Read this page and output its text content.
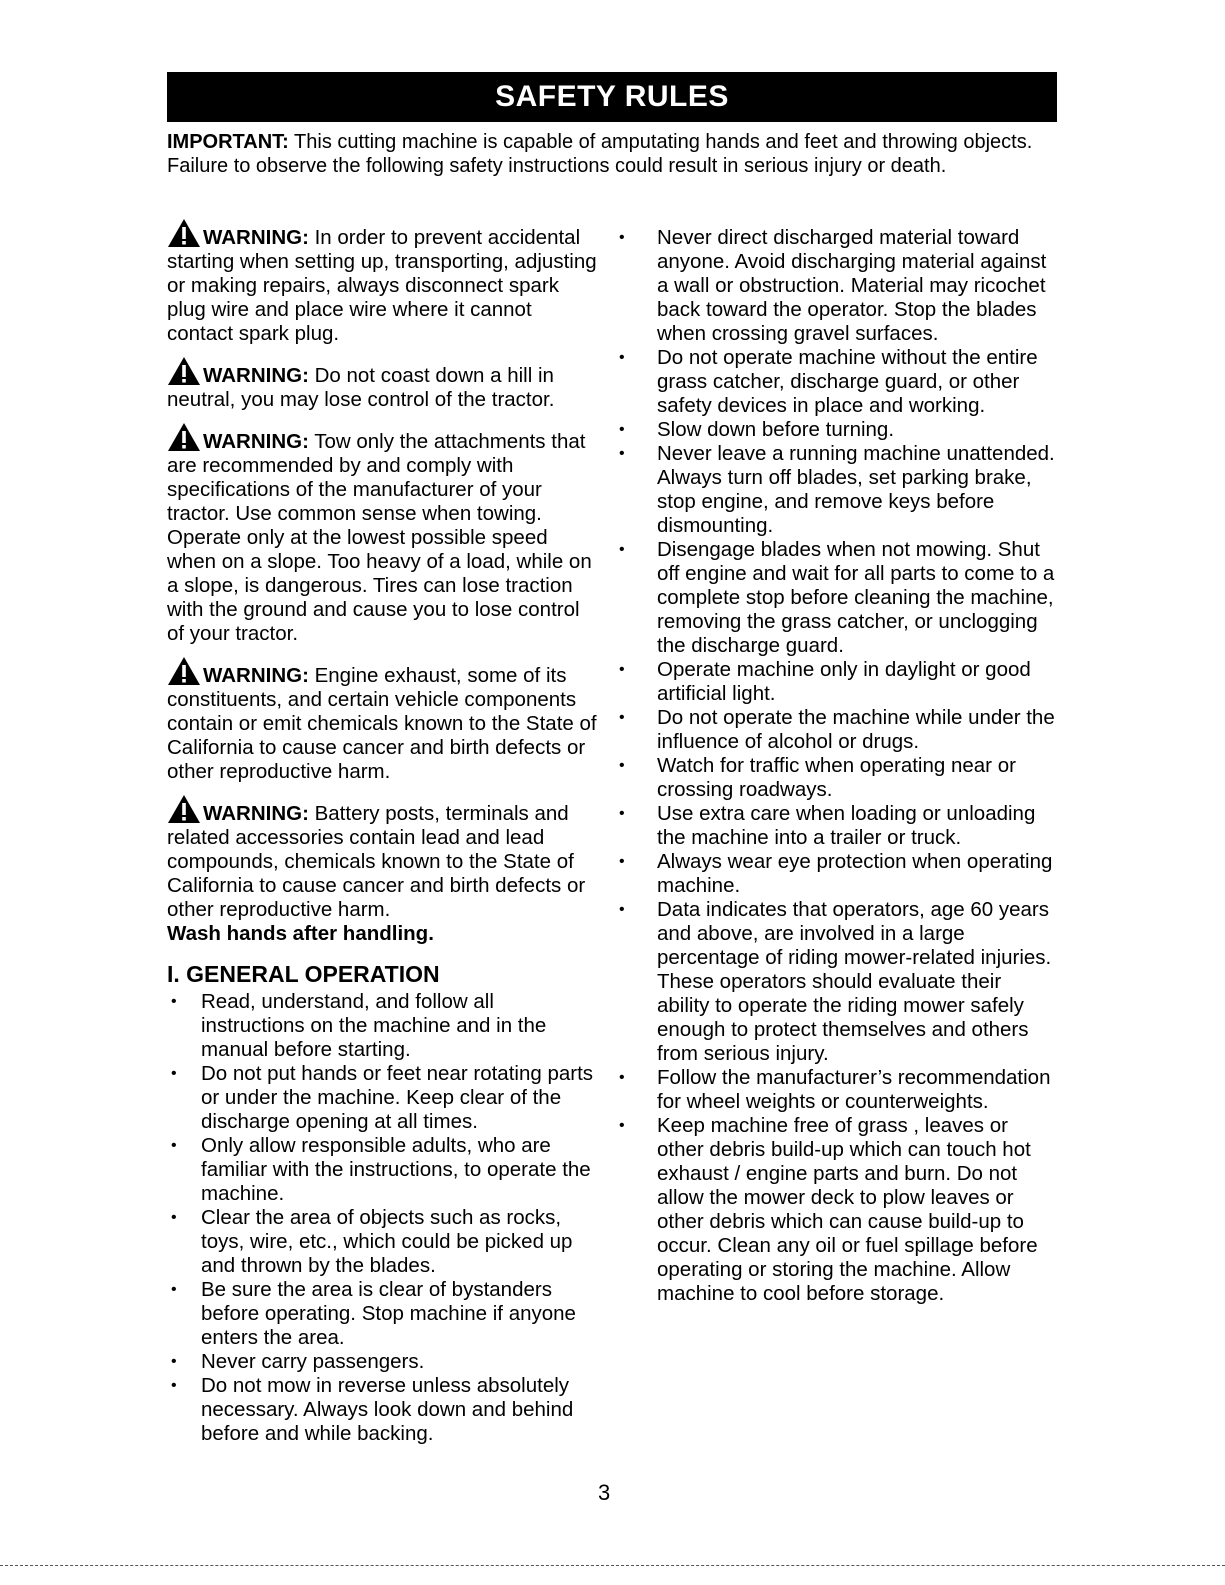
SAFETY RULES
IMPORTANT: This cutting machine is capable of amputating hands and feet and throwing objects. Failure to observe the following safety instructions could result in serious injury or death.
WARNING: In order to prevent accidental starting when setting up, transporting, adjusting or making repairs, always disconnect spark plug wire and place wire where it cannot contact spark plug.
WARNING: Do not coast down a hill in neutral, you may lose control of the tractor.
WARNING: Tow only the attachments that are recommended by and comply with specifications of the manufacturer of your tractor. Use common sense when towing. Operate only at the lowest possible speed when on a slope. Too heavy of a load, while on a slope, is dangerous. Tires can lose traction with the ground and cause you to lose control of your tractor.
WARNING: Engine exhaust, some of its constituents, and certain vehicle components contain or emit chemicals known to the State of California to cause cancer and birth defects or other reproductive harm.
WARNING: Battery posts, terminals and related accessories contain lead and lead compounds, chemicals known to the State of California to cause cancer and birth defects or other reproductive harm.
Wash hands after handling.
I. GENERAL OPERATION
• Read, understand, and follow all instructions on the machine and in the manual before starting.
• Do not put hands or feet near rotating parts or under the machine. Keep clear of the discharge opening at all times.
• Only allow responsible adults, who are familiar with the instructions, to operate the machine.
• Clear the area of objects such as rocks, toys, wire, etc., which could be picked up and thrown by the blades.
• Be sure the area is clear of bystanders before operating. Stop machine if anyone enters the area.
• Never carry passengers.
• Do not mow in reverse unless absolutely necessary. Always look down and behind before and while backing.
• Never direct discharged material toward anyone. Avoid discharging material against a wall or obstruction. Material may ricochet back toward the operator. Stop the blades when crossing gravel surfaces.
• Do not operate machine without the entire grass catcher, discharge guard, or other safety devices in place and working.
• Slow down before turning.
• Never leave a running machine unattended. Always turn off blades, set parking brake, stop engine, and remove keys before dismounting.
• Disengage blades when not mowing. Shut off engine and wait for all parts to come to a complete stop before cleaning the machine, removing the grass catcher, or unclogging the discharge guard.
• Operate machine only in daylight or good artificial light.
• Do not operate the machine while under the influence of alcohol or drugs.
• Watch for traffic when operating near or crossing roadways.
• Use extra care when loading or unloading the machine into a trailer or truck.
• Always wear eye protection when operating machine.
• Data indicates that operators, age 60 years and above, are involved in a large percentage of riding mower-related injuries. These operators should evaluate their ability to operate the riding mower safely enough to protect themselves and others from serious injury.
• Follow the manufacturer’s recommendation for wheel weights or counterweights.
• Keep machine free of grass , leaves or other debris build-up which can touch hot exhaust / engine parts and burn. Do not allow the mower deck to plow leaves or other debris which can cause build-up to occur. Clean any oil or fuel spillage before operating or storing the machine. Allow machine to cool before storage.
3
